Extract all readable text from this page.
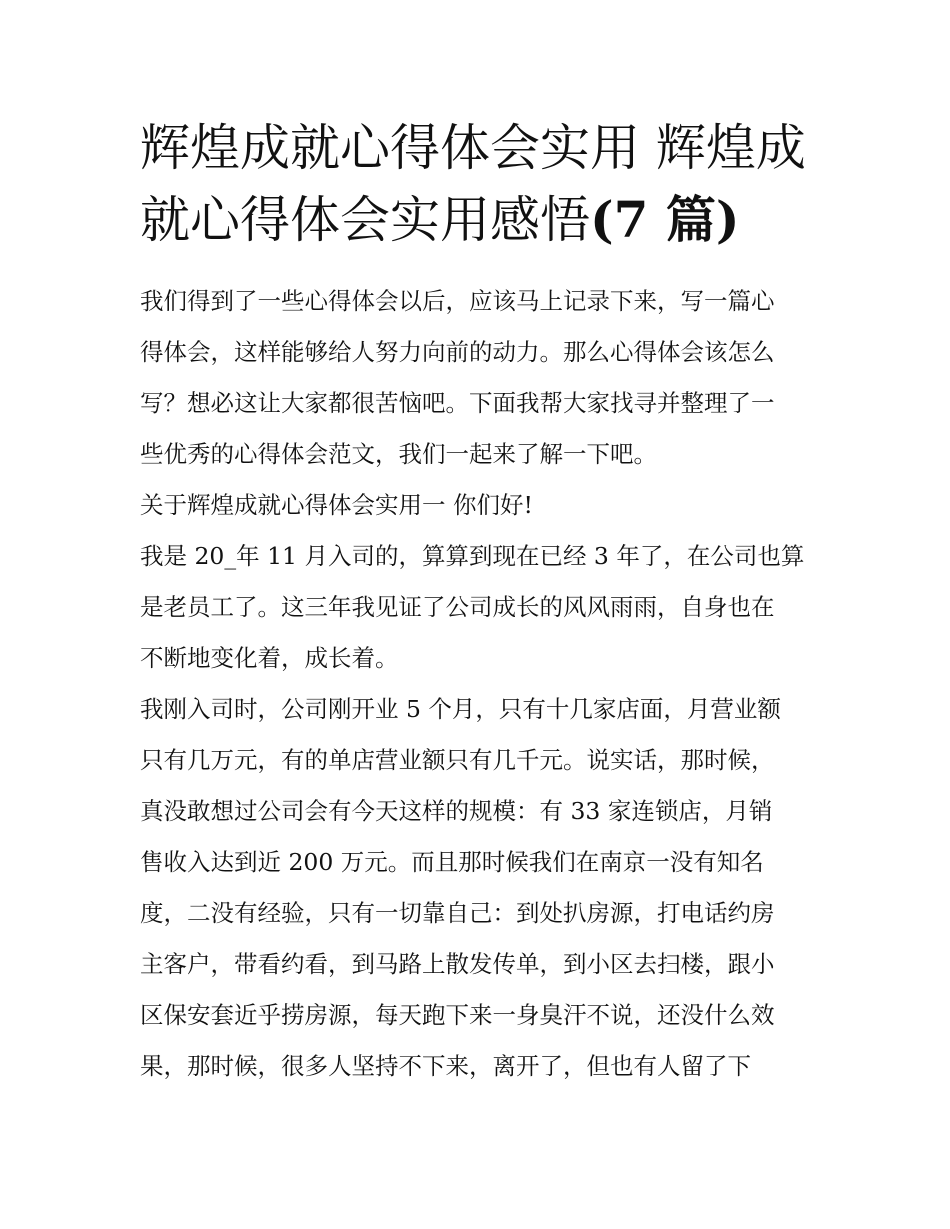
辉煌成就心得体会实用 辉煌成
就心得体会实用感悟(7 篇)
我们得到了一些心得体会以后，应该马上记录下来，写一篇心
得体会，这样能够给人努力向前的动力。那么心得体会该怎么
写？想必这让大家都很苦恼吧。下面我帮大家找寻并整理了一
些优秀的心得体会范文，我们一起来了解一下吧。
关于辉煌成就心得体会实用一 你们好!
我是 20_年 11 月入司的，算算到现在已经 3 年了，在公司也算
是老员工了。这三年我见证了公司成长的风风雨雨，自身也在
不断地变化着，成长着。
我刚入司时，公司刚开业 5 个月，只有十几家店面，月营业额
只有几万元，有的单店营业额只有几千元。说实话，那时候，
真没敢想过公司会有今天这样的规模：有 33 家连锁店，月销
售收入达到近 200 万元。而且那时候我们在南京一没有知名
度，二没有经验，只有一切靠自己：到处扒房源，打电话约房
主客户，带看约看，到马路上散发传单，到小区去扫楼，跟小
区保安套近乎捞房源，每天跑下来一身臭汗不说，还没什么效
果，那时候，很多人坚持不下来，离开了，但也有人留了下
